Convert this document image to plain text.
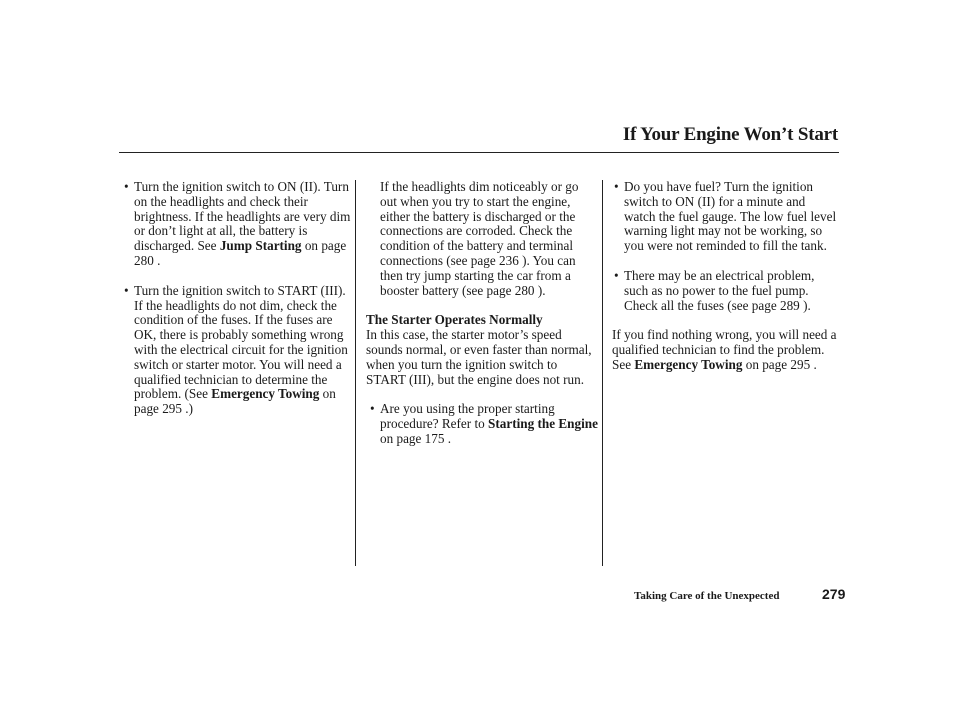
If Your Engine Won’t Start
• Turn the ignition switch to ON (II). Turn on the headlights and check their brightness. If the headlights are very dim or don’t light at all, the battery is discharged. See Jump Starting on page 280 .
• Turn the ignition switch to START (III). If the headlights do not dim, check the condition of the fuses. If the fuses are OK, there is probably something wrong with the electrical circuit for the ignition switch or starter motor. You will need a qualified technician to determine the problem. (See Emergency Towing on page 295 .)

If the headlights dim noticeably or go out when you try to start the engine, either the battery is discharged or the connections are corroded. Check the condition of the battery and terminal connections (see page 236 ). You can then try jump starting the car from a booster battery (see page 280 ).

The Starter Operates Normally

In this case, the starter motor’s speed sounds normal, or even faster than normal, when you turn the ignition switch to START (III), but the engine does not run.

• Are you using the proper starting procedure? Refer to Starting the Engine on page 175 .
• Do you have fuel? Turn the ignition switch to ON (II) for a minute and watch the fuel gauge. The low fuel level warning light may not be working, so you were not reminded to fill the tank.
• There may be an electrical problem, such as no power to the fuel pump. Check all the fuses (see page 289 ).

If you find nothing wrong, you will need a qualified technician to find the problem. See Emergency Towing on page 295 .

Taking Care of the Unexpected	279
